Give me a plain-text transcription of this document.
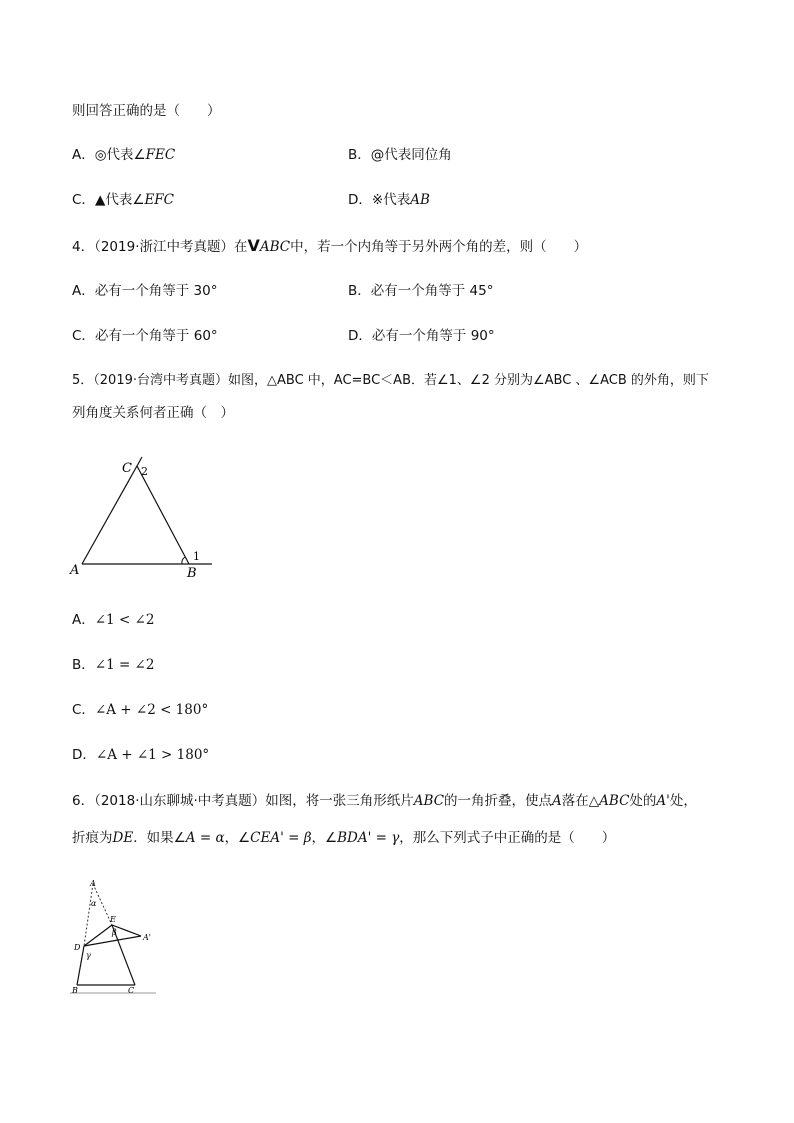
则回答正确的是（　　）
A．◎代表∠FEC	B．@代表同位角
C．▲代表∠EFC	D．※代表AB
4．（2019·浙江中考真题）在VABC中，若一个内角等于另外两个角的差，则（　　）
A．必有一个角等于 30°	B．必有一个角等于 45°
C．必有一个角等于 60°	D．必有一个角等于 90°
5．（2019·台湾中考真题）如图，△ABC 中，AC=BC＜AB．若∠1、∠2 分别为∠ABC 、∠ACB 的外角，则下
列角度关系何者正确（　）
A	B
C
1
2
A．∠1 < ∠2
B．∠1 = ∠2
C．∠A + ∠2 < 180°
D．∠A + ∠1 > 180°
6．（2018·山东聊城·中考真题）如图，将一张三角形纸片ABC的一角折叠，使点A落在△ABC处的A'处，
折痕为DE．如果∠A = α，∠CEA' = β，∠BDA' = γ，那么下列式子中正确的是（　　）
A
α
E
β
A'
D
γ
B	C
